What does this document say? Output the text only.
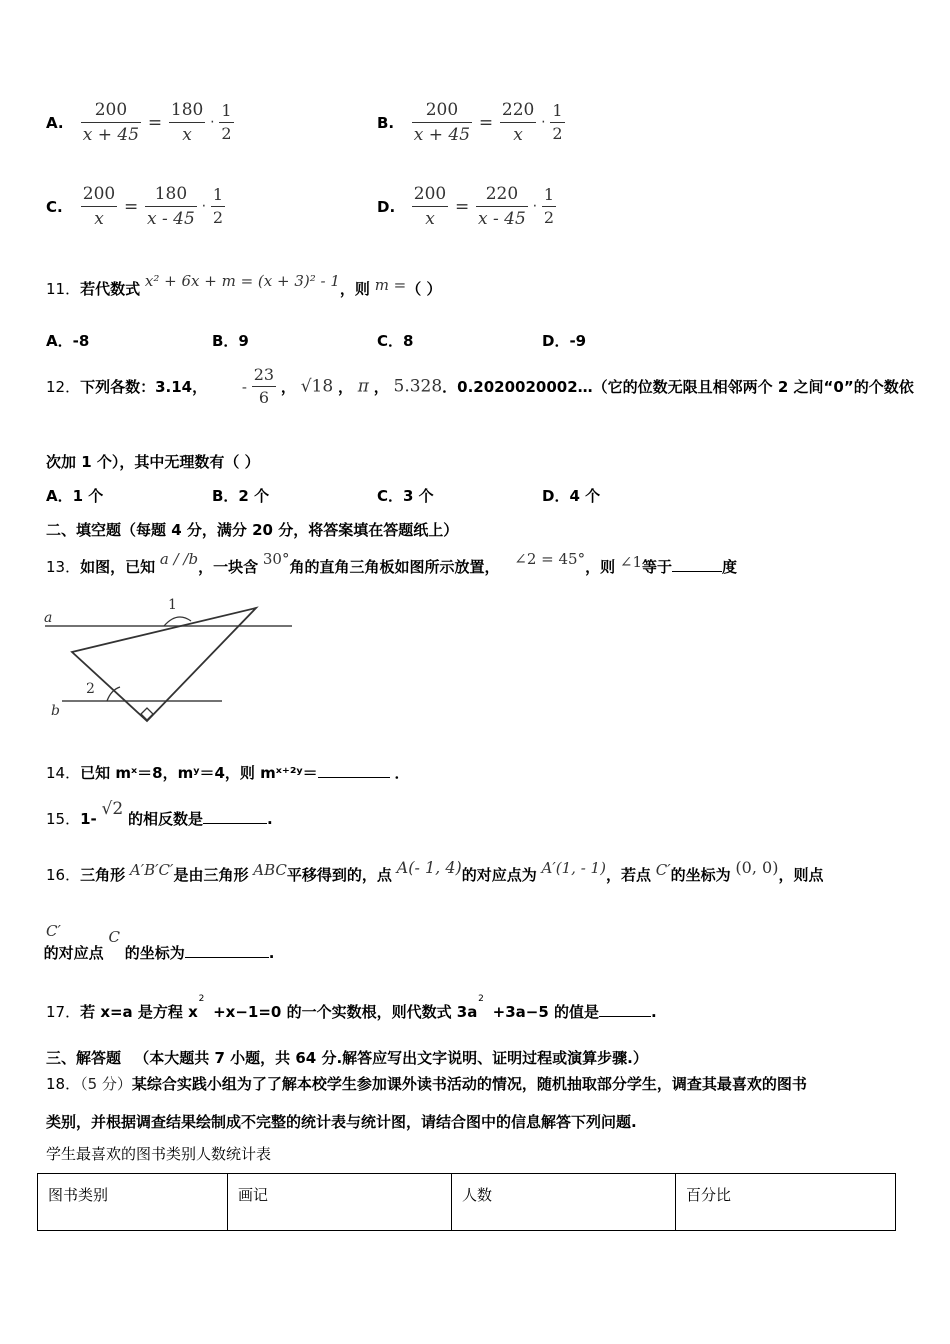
A. $\frac{200}{x + 45} = \frac{180}{x} \cdot \frac{1}{2}$	B. $\frac{200}{x + 45} = \frac{220}{x} \cdot \frac{1}{2}$
C. $\frac{200}{x} = \frac{180}{x - 45} \cdot \frac{1}{2}$	D. $\frac{200}{x} = \frac{220}{x - 45} \cdot \frac{1}{2}$
11．若代数式 x² + 6x + m = (x + 3)² - 1，则 m =（ ）
A．-8	B．9	C．8	D．-9
12．下列各数：3.14， - $\frac{23}{6}$ ， √18 ， π ， 5.328．0.2020020002…（它的位数无限且相邻两个 2 之间“0”的个数依
次加 1 个），其中无理数有（ ）
A．1 个	B．2 个	C．3 个	D．4 个
二、填空题（每题 4 分，满分 20 分，将答案填在答题纸上）
13．如图，已知 a / /b，一块含 30°角的直角三角板如图所示放置， ∠2 = 45°，则 ∠1等于	度
a
b
1
2
14．已知 mˣ＝8，mʸ＝4，则 mˣ⁺²ʸ＝	．
15．1- √2 的相反数是	.
16．三角形 A′B′C′是由三角形 ABC平移得到的，点 A(- 1, 4)的对应点为 A′(1, - 1)，若点 C′的坐标为 (0, 0)，则点
C′ 的对应点 C 的坐标为	.
17．若 x=a 是方程 x $^2$ +x−1=0 的一个实数根，则代数式 3a $^2$ +3a−5 的值是	.
三、解答题 （本大题共 7 小题，共 64 分.解答应写出文字说明、证明过程或演算步骤.）
18．（5 分）某综合实践小组为了了解本校学生参加课外读书活动的情况，随机抽取部分学生，调查其最喜欢的图书
类别，并根据调查结果绘制成不完整的统计表与统计图，请结合图中的信息解答下列问题.
学生最喜欢的图书类别人数统计表
图书类别	画记	人数	百分比
